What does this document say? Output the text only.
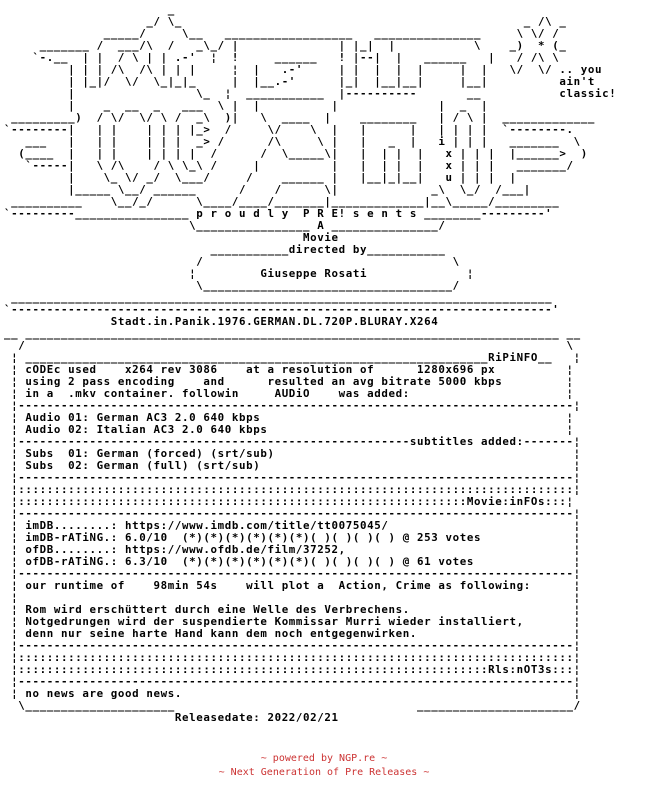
_
_/ \_                                                _ /\ _
_____/     \__   __________________   _______________     \ \/ /
_______ /  ___/\  /   _\_/ |              | |_|  |           \    _)  * (_
`-.__  | |  / \ | | .-'  ¦  !     ______   ! |--|  |   ______   |   / /\ \
| | | /\  /\ | | |     ¦  |   .-'     | |  |  |  |     |  |   \/  \/ .. you
| |_|/  \/  \_|_|_     |  |__.-'      |_|  |__|__|     |__|          ain't
|                 \_  ¦  ___________  |----------       __           classic!
|    _  __  _   ___  \ |  |          |              |  _  |
_________)  / \/  \/ \ /  _\  )|   \  ____  |    ________   | / \ |  _____________
`--------|   | |    | | | |_>  /     \/    \  |   |      |   | | | |  `--------.
___   |   | |    | | |  _> /      /\     \ |   |   _  |   i | | |   _______  \
(____  |   | |    | | | |  /      /  \_____\|   |  | |  |   x | | |  |______>  )
`-----|   \ /\    / \ \_\ /     |          |   |  | |  |   x | | |   _______/
|    \_ \/ _/  \___/     /    ______ |   |__|_|__|   u | | |  |
|_____ \__/ ______      /    /      \|             _\  \_/  /___|
__________    \__/_/      \____/____/_______|_____________|__\_____/_________
`---------________________ p r o u d l y  P R E! s e n t s ________---------'
\________________ A _______________/
Movie
___________directed by___________
/                                   \
¦         Giuseppe Rosati              ¦
\___________________________________/
____________________________________________________________________________
`----------------------------------------------------------------------------'
Stadt.in.Panik.1976.GERMAN.DL.720P.BLURAY.X264
__ ___________________________________________________________________________ __
/                                                                            \
¦ _________________________________________________________________RiPiNFO__   ¦
¦ cODEc used    x264 rev 3086    at a resolution of      1280x696 px          ¦
¦ using 2 pass encoding    and      resulted an avg bitrate 5000 kbps         ¦
¦ in a  .mkv container. followin     AUDiO    was added:                      ¦
¦------------------------------------------------------------------------------¦
¦ Audio 01: German AC3 2.0 640 kbps                                           ¦
¦ Audio 02: Italian AC3 2.0 640 kbps                                          ¦
¦-------------------------------------------------------subtitles added:-------¦
¦ Subs  01: German (forced) (srt/sub)                                          ¦
¦ Subs  02: German (full) (srt/sub)                                            ¦
¦------------------------------------------------------------------------------¦
¦::::::::::::::::::::::::::::::::::::::::::::::::::::::::::::::::::::::::::::::¦
¦:::::::::::::::::::::::::::::::::::::::::::::::::::::::::::::::Movie:inFOs:::¦
¦------------------------------------------------------------------------------¦
¦ imDB........: https://www.imdb.com/title/tt0075045/                          ¦
¦ imDB-rATiNG.: 6.0/10  (*)(*)(*)(*)(*)(*)( )( )( )( ) @ 253 votes             ¦
¦ ofDB........: https://www.ofdb.de/film/37252,                                ¦
¦ ofDB-rATiNG.: 6.3/10  (*)(*)(*)(*)(*)(*)( )( )( )( ) @ 61 votes              ¦
¦------------------------------------------------------------------------------¦
¦ our runtime of    98min 54s    will plot a  Action, Crime as following:      ¦
¦                                                                              ¦
¦ Rom wird erschüttert durch eine Welle des Verbrechens.                       ¦
¦ Notgedrungen wird der suspendierte Kommissar Murri wieder installiert,       ¦
¦ denn nur seine harte Hand kann dem noch entgegenwirken.                      ¦
¦------------------------------------------------------------------------------¦
¦::::::::::::::::::::::::::::::::::::::::::::::::::::::::::::::::::::::::::::::¦
¦::::::::::::::::::::::::::::::::::::::::::::::::::::::::::::::::::Rls:nOT3s:::¦
¦------------------------------------------------------------------------------¦
¦ no news are good news.                                                       ¦
\_____________________                                  ______________________/
Releasedate: 2022/02/21
~ powered by NGP.re ~
~ Next Generation of Pre Releases ~
